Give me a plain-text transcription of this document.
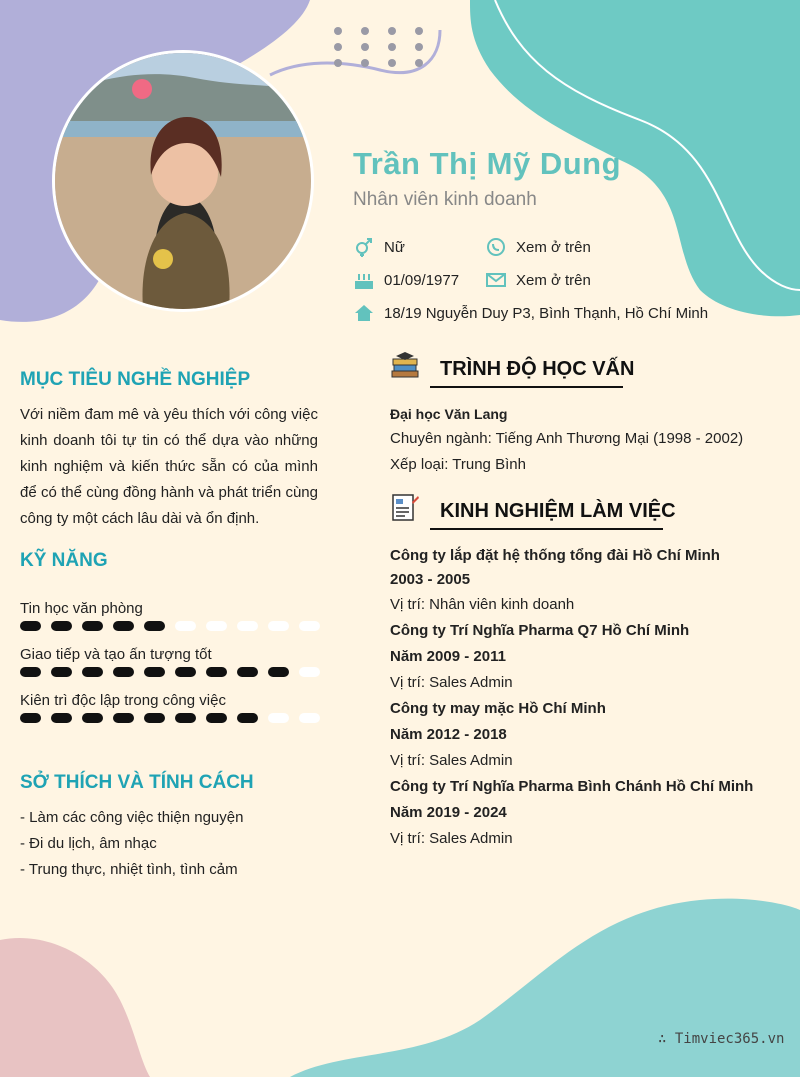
Trần Thị Mỹ Dung
Nhân viên kinh doanh
Nữ	Xem ở trên
01/09/1977	Xem ở trên
18/19 Nguyễn Duy P3, Bình Thạnh, Hồ Chí Minh
MỤC TIÊU NGHỀ NGHIỆP

Với niềm đam mê và yêu thích với công việc kinh doanh tôi tự tin có thể dựa vào những kinh nghiệm và kiến thức sẵn có của mình để có thể cùng đồng hành và phát triển cùng công ty một cách lâu dài và ổn định.

KỸ NĂNG
Tin học văn phòng
Giao tiếp và tạo ấn tượng tốt
Kiên trì độc lập trong công việc
SỞ THÍCH VÀ TÍNH CÁCH
- Làm các công việc thiện nguyện
- Đi du lịch, âm nhạc
- Trung thực, nhiệt tình, tình cảm
TRÌNH ĐỘ HỌC VẤN
Đại học Văn Lang
Chuyên ngành: Tiếng Anh Thương Mại (1998 - 2002)
Xếp loại: Trung Bình
KINH NGHIỆM LÀM VIỆC
Công ty lắp đặt hệ thống tổng đài Hồ Chí Minh
2003 - 2005
Vị trí: Nhân viên kinh doanh
Công ty Trí Nghĩa Pharma Q7 Hồ Chí Minh
Năm 2009 - 2011
Vị trí: Sales Admin
Công ty may mặc Hồ Chí Minh
Năm 2012 - 2018
Vị trí: Sales Admin
Công ty Trí Nghĩa Pharma Bình Chánh Hồ Chí Minh
Năm 2019 - 2024
Vị trí: Sales Admin
∴ Timviec365.vn
